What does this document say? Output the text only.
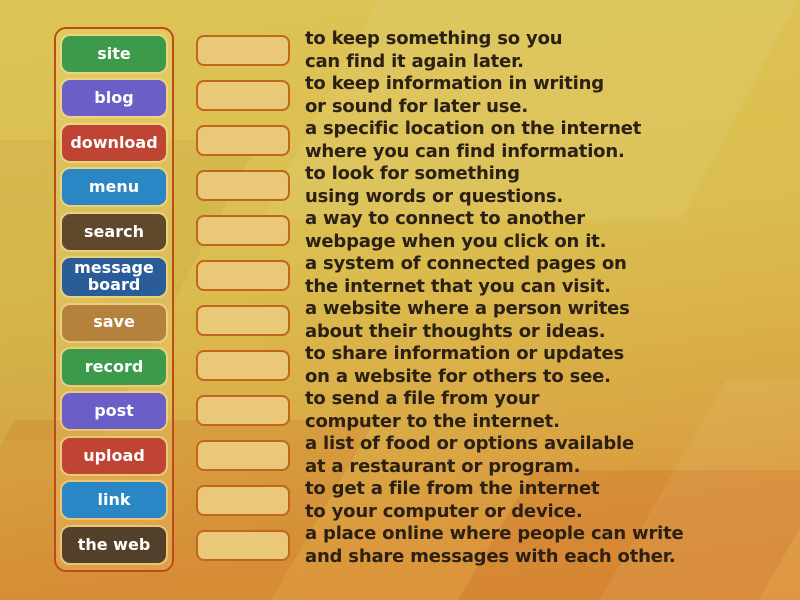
site
blog
download
menu
search
message board
save
record
post
upload
link
the web
to keep something so you
can find it again later.
to keep information in writing
or sound for later use.
a specific location on the internet
where you can find information.
to look for something
using words or questions.
a way to connect to another
webpage when you click on it.
a system of connected pages on
the internet that you can visit.
a website where a person writes
about their thoughts or ideas.
to share information or updates
on a website for others to see.
to send a file from your
computer to the internet.
a list of food or options available
at a restaurant or program.
to get a file from the internet
to your computer or device.
a place online where people can write
and share messages with each other.
